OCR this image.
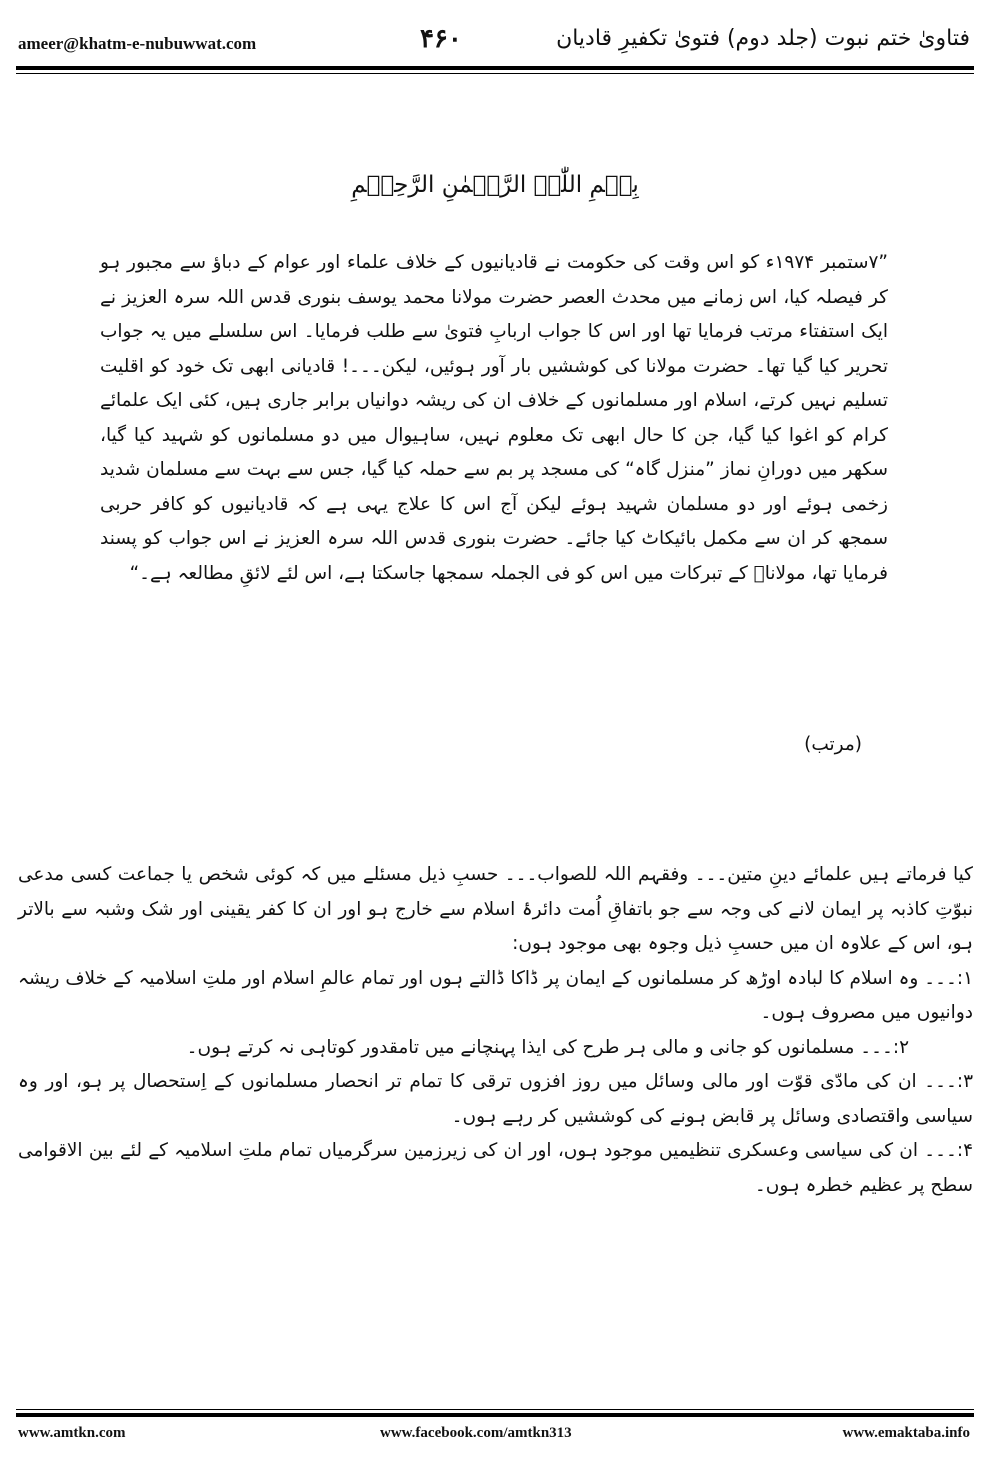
ameer@khatm-e-nubuwwat.com	۴۶۰	فتاویٰ ختم نبوت (جلد دوم) فتویٰ تکفیرِ قادیان
بِسۡمِ اللّٰہِ الرَّحۡمٰنِ الرَّحِیۡمِ

”۷ستمبر ۱۹۷۴ء کو اس وقت کی حکومت نے قادیانیوں کے خلاف علماء اور عوام کے دباؤ سے مجبور ہو کر فیصلہ کیا، اس زمانے میں محدث العصر حضرت مولانا محمد یوسف بنوری قدس اللہ سرہ العزیز نے ایک استفتاء مرتب فرمایا تھا اور اس کا جواب اربابِ فتویٰ سے طلب فرمایا۔ اس سلسلے میں یہ جواب تحریر کیا گیا تھا۔ حضرت مولانا کی کوششیں بار آور ہوئیں، لیکن۔۔۔! قادیانی ابھی تک خود کو اقلیت تسلیم نہیں کرتے، اسلام اور مسلمانوں کے خلاف ان کی ریشہ دوانیاں برابر جاری ہیں، کئی ایک علمائے کرام کو اغوا کیا گیا، جن کا حال ابھی تک معلوم نہیں، ساہیوال میں دو مسلمانوں کو شہید کیا گیا، سکھر میں دورانِ نماز ”منزل گاہ“ کی مسجد پر بم سے حملہ کیا گیا، جس سے بہت سے مسلمان شدید زخمی ہوئے اور دو مسلمان شہید ہوئے لیکن آج اس کا علاج یہی ہے کہ قادیانیوں کو کافر حربی سمجھ کر ان سے مکمل بائیکاٹ کیا جائے۔ حضرت بنوری قدس اللہ سرہ العزیز نے اس جواب کو پسند فرمایا تھا، مولاناؒ کے تبرکات میں اس کو فی الجملہ سمجھا جاسکتا ہے، اس لئے لائقِ مطالعہ ہے۔“

(مرتب)

کیا فرماتے ہیں علمائے دینِ متین۔۔۔ وفقہم اللہ للصواب۔۔۔ حسبِ ذیل مسئلے میں کہ کوئی شخص یا جماعت کسی مدعی نبوّتِ کاذبہ پر ایمان لانے کی وجہ سے جو باتفاقِ اُمت دائرۂ اسلام سے خارج ہو اور ان کا کفر یقینی اور شک وشبہ سے بالاتر ہو، اس کے علاوہ ان میں حسبِ ذیل وجوہ بھی موجود ہوں:

۱:۔۔۔ وہ اسلام کا لبادہ اوڑھ کر مسلمانوں کے ایمان پر ڈاکا ڈالتے ہوں اور تمام عالمِ اسلام اور ملتِ اسلامیہ کے خلاف ریشہ دوانیوں میں مصروف ہوں۔

۲:۔۔۔ مسلمانوں کو جانی و مالی ہر طرح کی ایذا پہنچانے میں تامقدور کوتاہی نہ کرتے ہوں۔

۳:۔۔۔ ان کی مادّی قوّت اور مالی وسائل میں روز افزوں ترقی کا تمام تر انحصار مسلمانوں کے اِستحصال پر ہو، اور وہ سیاسی واقتصادی وسائل پر قابض ہونے کی کوششیں کر رہے ہوں۔

۴:۔۔۔ ان کی سیاسی وعسکری تنظیمیں موجود ہوں، اور ان کی زیرزمین سرگرمیاں تمام ملتِ اسلامیہ کے لئے بین الاقوامی سطح پر عظیم خطرہ ہوں۔

www.amtkn.com	www.facebook.com/amtkn313	www.emaktaba.info
